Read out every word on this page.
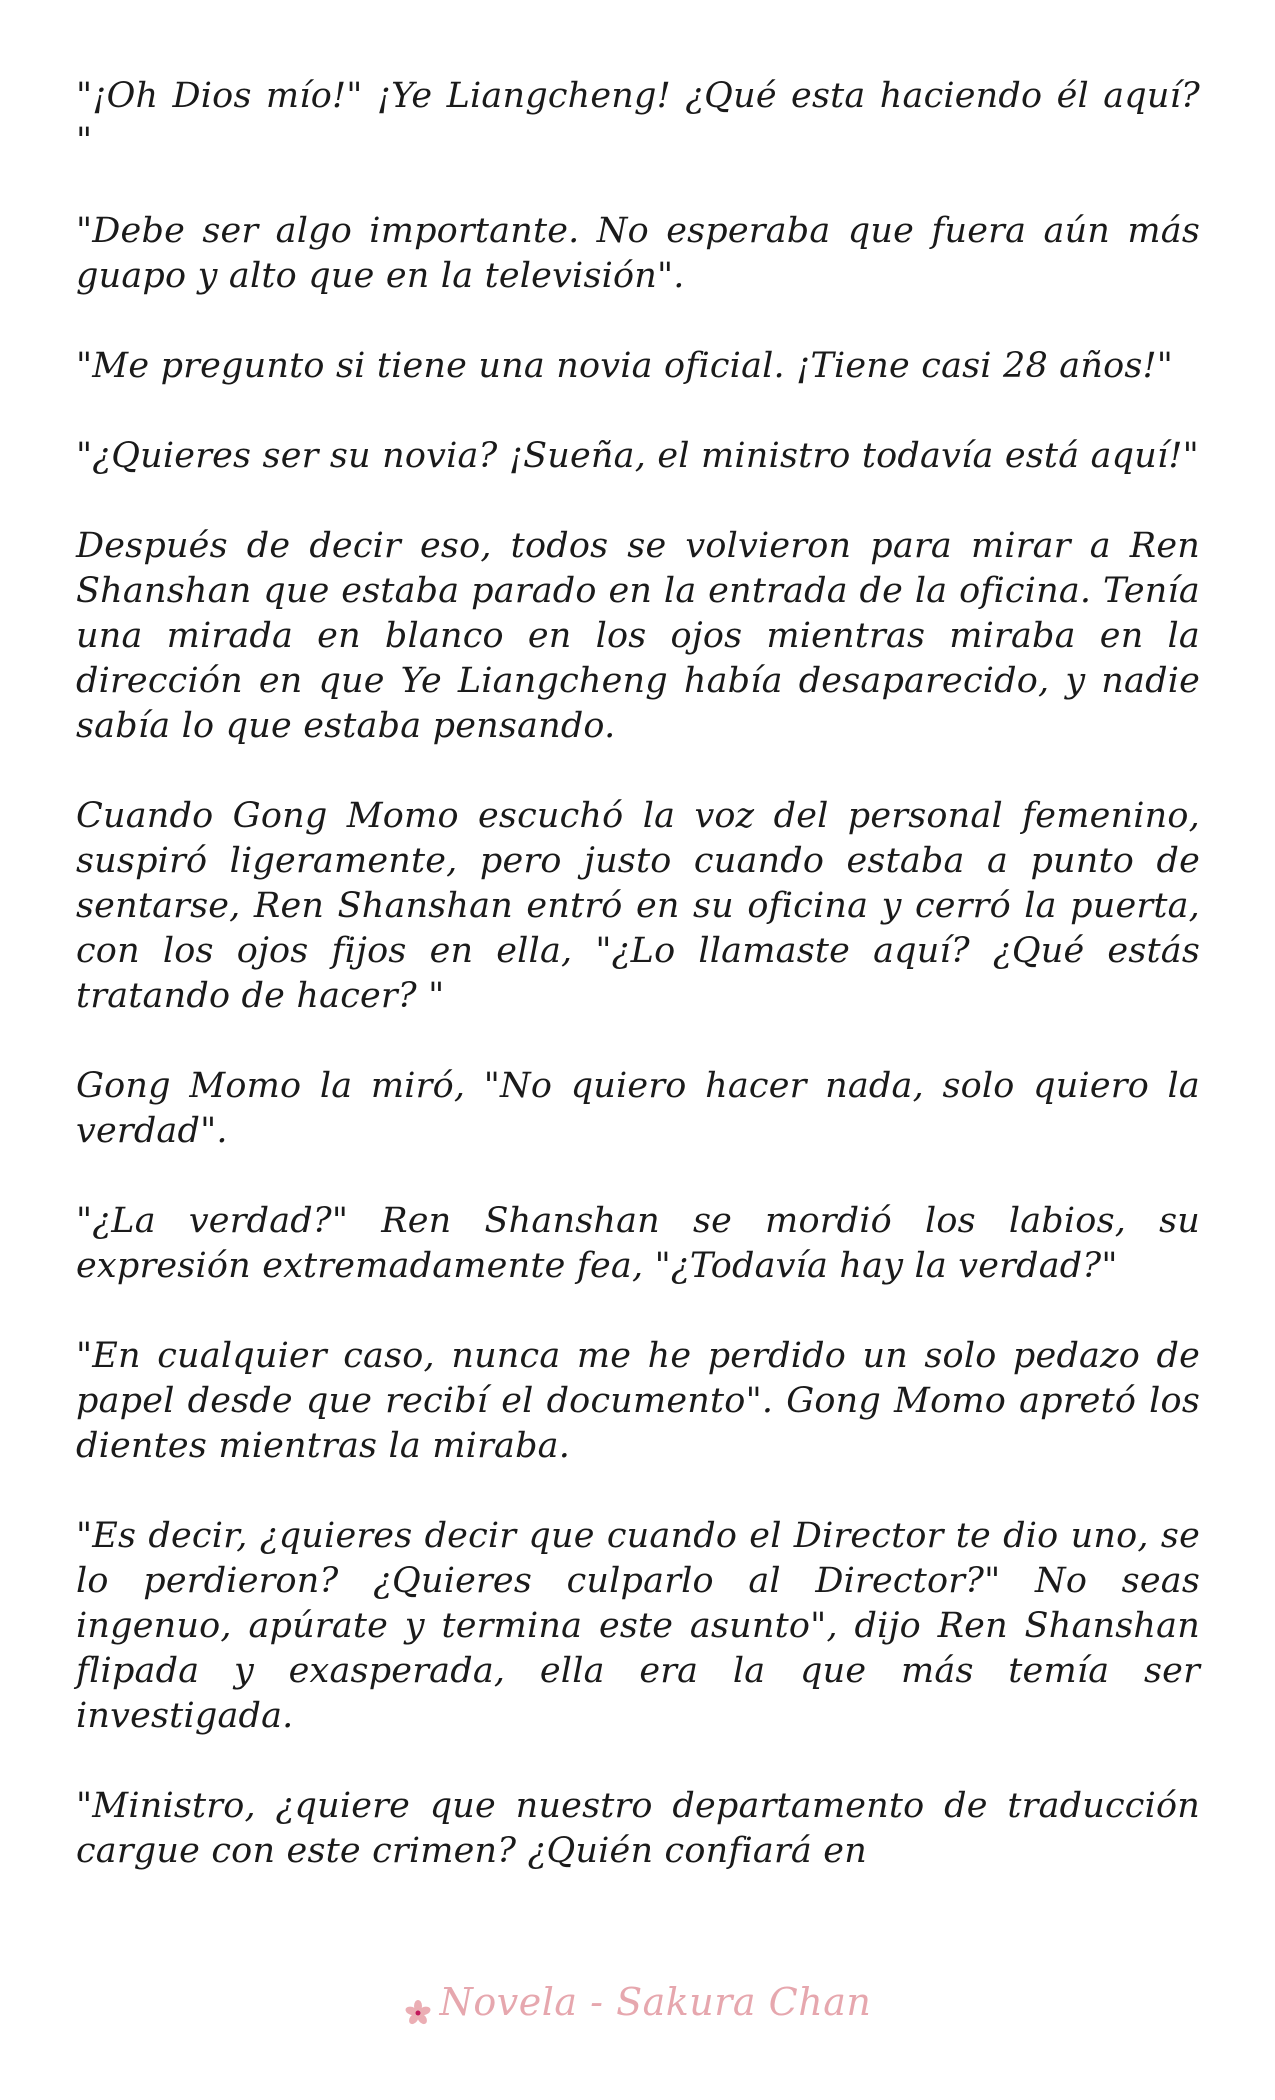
"¡Oh Dios mío!" ¡Ye Liangcheng! ¿Qué esta haciendo él aquí? "

"Debe ser algo importante. No esperaba que fuera aún más guapo y alto que en la televisión".

"Me pregunto si tiene una novia oficial. ¡Tiene casi 28 años!"

"¿Quieres ser su novia? ¡Sueña, el ministro todavía está aquí!"

Después de decir eso, todos se volvieron para mirar a Ren Shanshan que estaba parado en la entrada de la oficina. Tenía una mirada en blanco en los ojos mientras miraba en la dirección en que Ye Liangcheng había desaparecido, y nadie sabía lo que estaba pensando.

Cuando Gong Momo escuchó la voz del personal femenino, suspiró ligeramente, pero justo cuando estaba a punto de sentarse, Ren Shanshan entró en su oficina y cerró la puerta, con los ojos fijos en ella, "¿Lo llamaste aquí? ¿Qué estás tratando de hacer? "

Gong Momo la miró, "No quiero hacer nada, solo quiero la verdad".

"¿La verdad?" Ren Shanshan se mordió los labios, su expresión extremadamente fea, "¿Todavía hay la verdad?"

"En cualquier caso, nunca me he perdido un solo pedazo de papel desde que recibí el documento". Gong Momo apretó los dientes mientras la miraba.

"Es decir, ¿quieres decir que cuando el Director te dio uno, se lo perdieron? ¿Quieres culparlo al Director?" No seas ingenuo, apúrate y termina este asunto", dijo Ren Shanshan flipada y exasperada, ella era la que más temía ser investigada.

"Ministro, ¿quiere que nuestro departamento de traducción cargue con este crimen? ¿Quién confiará en

Novela - Sakura Chan
